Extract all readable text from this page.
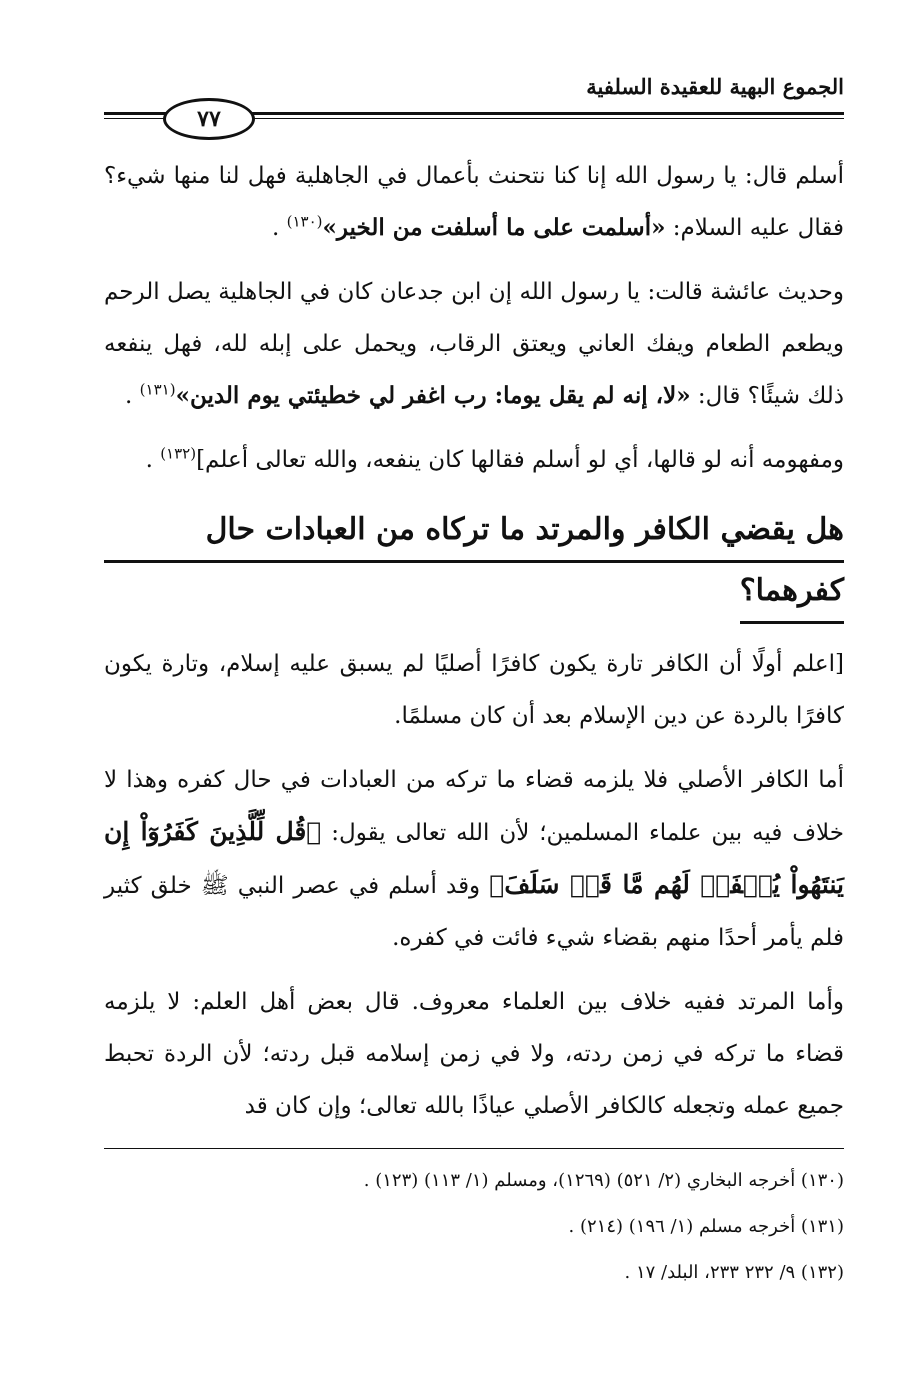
الجموع البهية للعقيدة السلفية
٧٧

أسلم قال: يا رسول الله إنا كنا نتحنث بأعمال في الجاهلية فهل لنا منها شيء؟ فقال عليه السلام: «أسلمت على ما أسلفت من الخير»$^{(١٣٠)}$ .

وحديث عائشة قالت: يا رسول الله إن ابن جدعان كان في الجاهلية يصل الرحم ويطعم الطعام ويفك العاني ويعتق الرقاب، ويحمل على إبله لله، فهل ينفعه ذلك شيئًا؟ قال: «لا، إنه لم يقل يوما: رب اغفر لي خطيئتي يوم الدين»$^{(١٣١)}$ .

ومفهومه أنه لو قالها، أي لو أسلم فقالها كان ينفعه، والله تعالى أعلم]$^{(١٣٢)}$ .

هل يقضي الكافر والمرتد ما تركاه من العبادات حال
كفرهما؟

[اعلم أولًا أن الكافر تارة يكون كافرًا أصليًا لم يسبق عليه إسلام، وتارة يكون كافرًا بالردة عن دين الإسلام بعد أن كان مسلمًا.

أما الكافر الأصلي فلا يلزمه قضاء ما تركه من العبادات في حال كفره وهذا لا خلاف فيه بين علماء المسلمين؛ لأن الله تعالى يقول: ﴿قُل لِّلَّذِينَ كَفَرُوٓاْ إِن يَنتَهُواْ يُغۡفَرۡ لَهُم مَّا قَدۡ سَلَفَ﴾ وقد أسلم في عصر النبي ﷺ خلق كثير فلم يأمر أحدًا منهم بقضاء شيء فائت في كفره.

وأما المرتد ففيه خلاف بين العلماء معروف. قال بعض أهل العلم: لا يلزمه قضاء ما تركه في زمن ردته، ولا في زمن إسلامه قبل ردته؛ لأن الردة تحبط جميع عمله وتجعله كالكافر الأصلي عياذًا بالله تعالى؛ وإن كان قد

(١٣٠) أخرجه البخاري (٢/ ٥٢١) (١٢٦٩)، ومسلم (١/ ١١٣) (١٢٣) .
(١٣١) أخرجه مسلم (١/ ١٩٦) (٢١٤) .
(١٣٢) ٩/ ٢٣٢ ٢٣٣، البلد/ ١٧ .
